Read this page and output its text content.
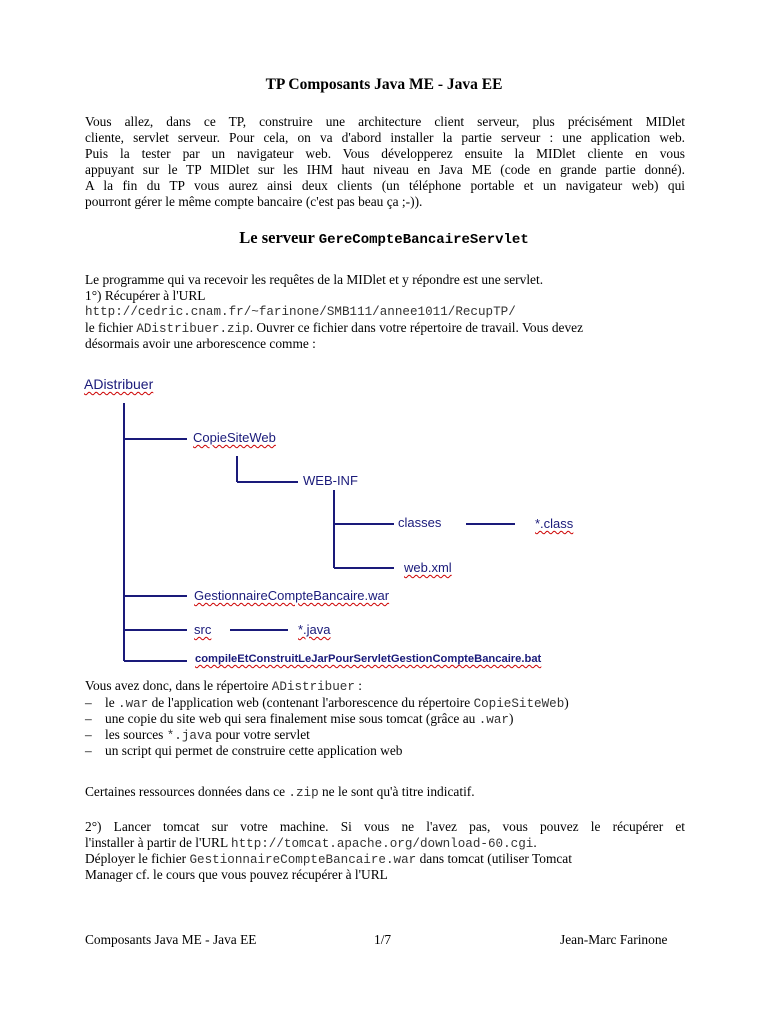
TP Composants Java ME - Java EE
Vous allez, dans ce TP, construire une architecture client serveur, plus précisément MIDlet
cliente, servlet serveur. Pour cela, on va d'abord installer la partie serveur : une application web.
Puis la tester par un navigateur web. Vous développerez ensuite la MIDlet cliente en vous
appuyant sur le TP MIDlet sur les IHM haut niveau en Java ME (code en grande partie donné).
A la fin du TP vous aurez ainsi deux clients (un téléphone portable et un navigateur web) qui
pourront gérer le même compte bancaire (c'est pas beau ça ;-)).
Le serveur GereCompteBancaireServlet
Le programme qui va recevoir les requêtes de la MIDlet et y répondre est une servlet.
1°) Récupérer à l'URL
http://cedric.cnam.fr/~farinone/SMB111/annee1011/RecupTP/
le fichier ADistribuer.zip. Ouvrer ce fichier dans votre répertoire de travail. Vous devez
désormais avoir une arborescence comme :
ADistribuer
CopieSiteWeb
WEB-INF
classes	*.class
web.xml
GestionnaireCompteBancaire.war
src	*.java
compileEtConstruitLeJarPourServletGestionCompteBancaire.bat
Vous avez donc, dans le répertoire ADistribuer :
– le .war de l'application web (contenant l'arborescence du répertoire CopieSiteWeb)
– une copie du site web qui sera finalement mise sous tomcat (grâce au .war)
– les sources *.java pour votre servlet
– un script qui permet de construire cette application web
Certaines ressources données dans ce .zip ne le sont qu'à titre indicatif.
2°) Lancer tomcat sur votre machine. Si vous ne l'avez pas, vous pouvez le récupérer et
l'installer à partir de l'URL http://tomcat.apache.org/download-60.cgi.
Déployer le fichier GestionnaireCompteBancaire.war dans tomcat (utiliser Tomcat
Manager cf. le cours que vous pouvez récupérer à l'URL
Composants Java ME - Java EE	1/7	Jean-Marc Farinone
